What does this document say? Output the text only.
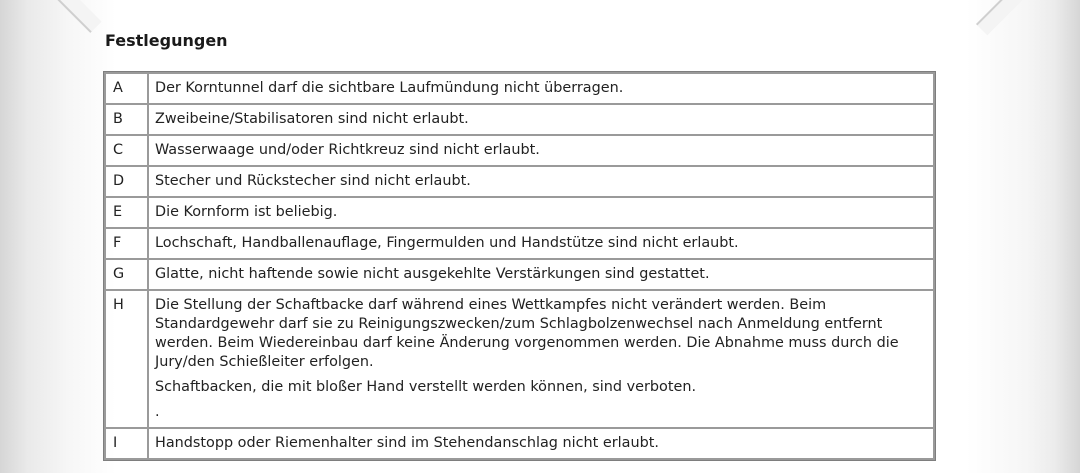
Festlegungen
A	Der Korntunnel darf die sichtbare Laufmündung nicht überragen.

B	Zweibeine/Stabilisatoren sind nicht erlaubt.

C	Wasserwaage und/oder Richtkreuz sind nicht erlaubt.

D	Stecher und Rückstecher sind nicht erlaubt.

E	Die Kornform ist beliebig.

F	Lochschaft, Handballenauflage, Fingermulden und Handstütze sind nicht erlaubt.

G	Glatte, nicht haftende sowie nicht ausgekehlte Verstärkungen sind gestattet.

H	Die Stellung der Schaftbacke darf während eines Wettkampfes nicht verändert werden. Beim Standardgewehr darf sie zu Reinigungszwecken/zum Schlagbolzenwechsel nach Anmeldung entfernt werden. Beim Wiedereinbau darf keine Änderung vorgenommen werden. Die Abnahme muss durch die Jury/den Schießleiter erfolgen.
Schaftbacken, die mit bloßer Hand verstellt werden können, sind verboten.
.

I	Handstopp oder Riemenhalter sind im Stehendanschlag nicht erlaubt.
